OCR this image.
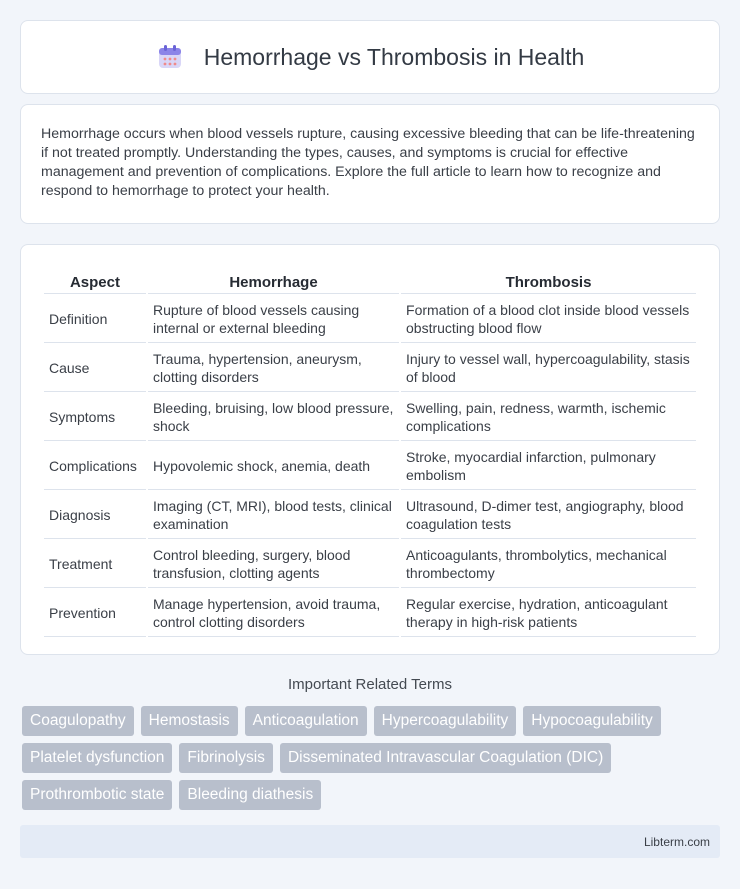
Hemorrhage vs Thrombosis in Health

Hemorrhage occurs when blood vessels rupture, causing excessive bleeding that can be life-threatening if not treated promptly. Understanding the types, causes, and symptoms is crucial for effective management and prevention of complications. Explore the full article to learn how to recognize and respond to hemorrhage to protect your health.

Aspect	Hemorrhage	Thrombosis
Definition	Rupture of blood vessels causing internal or external bleeding	Formation of a blood clot inside blood vessels obstructing blood flow
Cause	Trauma, hypertension, aneurysm, clotting disorders	Injury to vessel wall, hypercoagulability, stasis of blood
Symptoms	Bleeding, bruising, low blood pressure, shock	Swelling, pain, redness, warmth, ischemic complications
Complications	Hypovolemic shock, anemia, death	Stroke, myocardial infarction, pulmonary embolism
Diagnosis	Imaging (CT, MRI), blood tests, clinical examination	Ultrasound, D-dimer test, angiography, blood coagulation tests
Treatment	Control bleeding, surgery, blood transfusion, clotting agents	Anticoagulants, thrombolytics, mechanical thrombectomy
Prevention	Manage hypertension, avoid trauma, control clotting disorders	Regular exercise, hydration, anticoagulant therapy in high-risk patients
Important Related Terms
Coagulopathy	Hemostasis	Anticoagulation	Hypercoagulability	Hypocoagulability
Platelet dysfunction	Fibrinolysis	Disseminated Intravascular Coagulation (DIC)
Prothrombotic state	Bleeding diathesis
Libterm.com
